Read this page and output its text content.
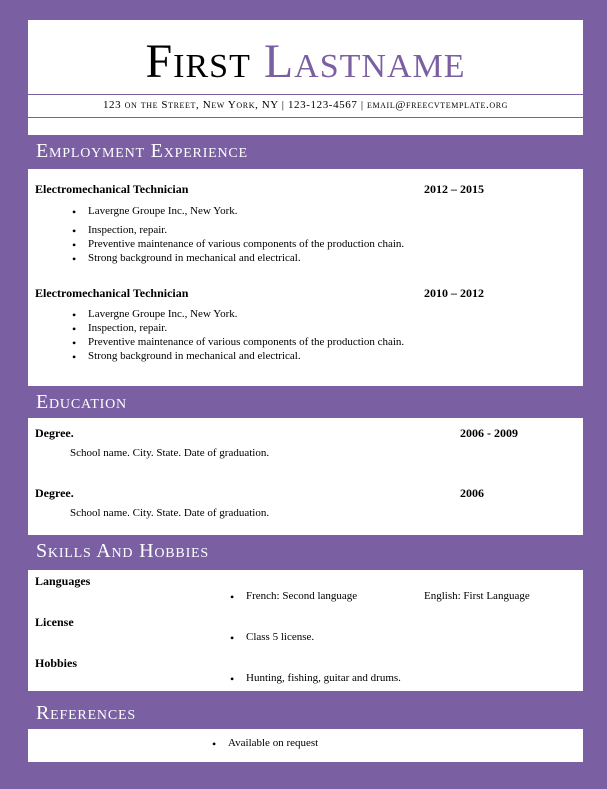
First Lastname
123 on the Street, New York, NY | 123-123-4567 | email@freecvtemplate.org
Employment Experience
Electromechanical Technician	2012 – 2015
• Lavergne Groupe Inc., New York.
• Inspection, repair.
• Preventive maintenance of various components of the production chain.
• Strong background in mechanical and electrical.
Electromechanical Technician	2010 – 2012
• Lavergne Groupe Inc., New York.
• Inspection, repair.
• Preventive maintenance of various components of the production chain.
• Strong background in mechanical and electrical.
Education
Degree.	2006 - 2009
School name. City. State. Date of graduation.
Degree.	2006
School name. City. State. Date of graduation.
Skills And Hobbies
Languages
• French: Second language	English: First Language
License
• Class 5 license.
Hobbies
• Hunting, fishing, guitar and drums.
References
• Available on request
